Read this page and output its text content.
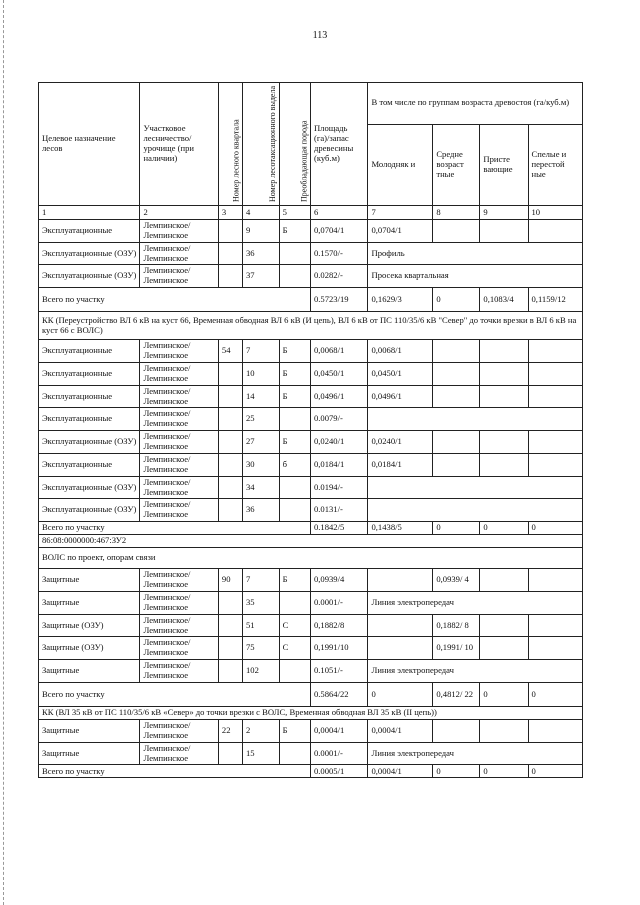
113
Целевое назначение лесов	Участковое лесничество/ урочище (при наличии)	Номер лесного квартала	Номер лесотаксационного выдела	Преобладающая порода	Площадь (га)/запас древесины (куб.м)	В том числе по группам возраста древостоя (га/куб.м)			
						Молодняк и	Средне возраст тные	Присте вающие	Спелые и перестой ные
1	2	3	4	5	6	7	8	9	10
Эксплуатационные	Лемпинское/ Лемпинское		9	Б	0,0704/1	0,0704/1			
Эксплуатационные (ОЗУ)	Лемпинское/ Лемпинское		36		0.1570/-	Профиль			
Эксплуатационные (ОЗУ)	Лемпинское/ Лемпинское		37		0.0282/-	Просека квартальная			
Всего по участку					0.5723/19	0,1629/3	0	0,1083/4	0,1159/12
КК (Переустройство ВЛ 6 кВ на куст 66, Временная обводная ВЛ 6 кВ (И цепь), ВЛ 6 кВ от ПС 110/35/6 кВ "Север" до точки врезки в ВЛ 6 кВ на куст 66 с ВОЛС)									
Эксплуатационные	Лемпинское/ Лемпинское	54	7	Б	0,0068/1	0,0068/1			
Эксплуатационные	Лемпинское/ Лемпинское		10	Б	0,0450/1	0,0450/1			
Эксплуатационные	Лемпинское/ Лемпинское		14	Б	0,0496/1	0,0496/1			
Эксплуатационные	Лемпинское/ Лемпинское		25		0.0079/-				
Эксплуатационные (ОЗУ)	Лемпинское/ Лемпинское		27	Б	0,0240/1	0,0240/1			
Эксплуатационные	Лемпинское/ Лемпинское		30	б	0,0184/1	0,0184/1			
Эксплуатационные (ОЗУ)	Лемпинское/ Лемпинское		34		0.0194/-				
Эксплуатационные (ОЗУ)	Лемпинское/ Лемпинское		36		0.0131/-				
Всего по участку					0.1842/5	0,1438/5	0	0	0
86:08:0000000:467:ЗУ2									
ВОЛС по проект, опорам связи									
Защитные	Лемпинское/ Лемпинское	90	7	Б	0,0939/4		0,0939/ 4		
Защитные	Лемпинское/ Лемпинское		35		0.0001/-	Линия электропередач			
Защитные (ОЗУ)	Лемпинское/ Лемпинское		51	С	0,1882/8		0,1882/ 8		
Защитные (ОЗУ)	Лемпинское/ Лемпинское		75	С	0,1991/10		0,1991/ 10		
Защитные	Лемпинское/ Лемпинское		102		0.1051/-	Линия электропередач			
Всего по участку					0.5864/22	0	0,4812/ 22	0	0
КК (ВЛ 35 кВ от ПС 110/35/6 кВ «Север» до точки врезки с ВОЛС, Временная обводная ВЛ 35 кВ (II цепь))									
Защитные	Лемпинское/ Лемпинское	22	2	Б	0,0004/1	0,0004/1			
Защитные	Лемпинское/ Лемпинское		15		0.0001/-	Линия электропередач			
Всего по участку					0.0005/1	0,0004/1	0	0	0
